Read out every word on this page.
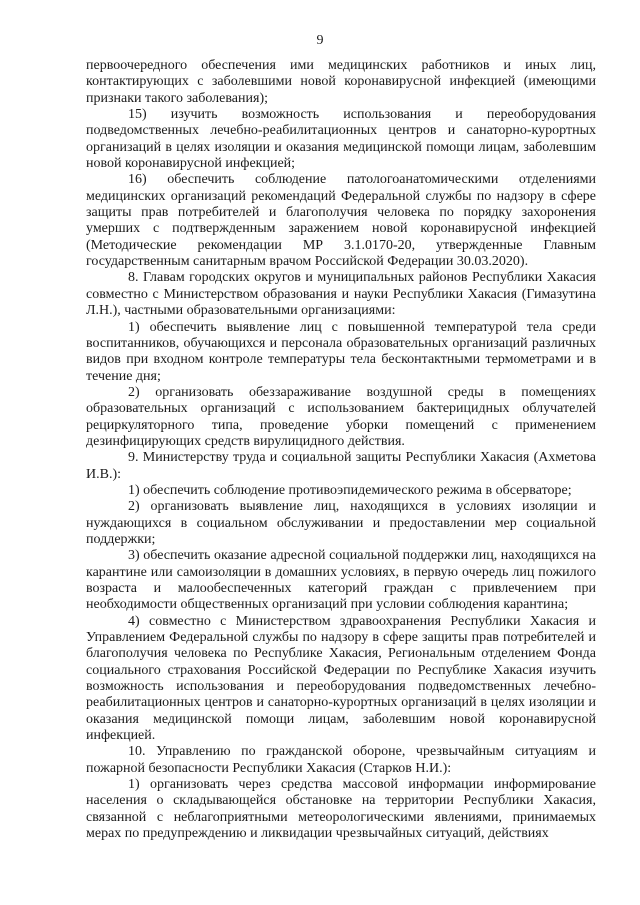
9

первоочередного обеспечения ими медицинских работников и иных лиц, контактирующих с заболевшими новой коронавирусной инфекцией (имеющими признаки такого заболевания);

15) изучить возможность использования и переоборудования подведомственных лечебно-реабилитационных центров и санаторно-курортных организаций в целях изоляции и оказания медицинской помощи лицам, заболевшим новой коронавирусной инфекцией;

16) обеспечить соблюдение патологоанатомическими отделениями медицинских организаций рекомендаций Федеральной службы по надзору в сфере защиты прав потребителей и благополучия человека по порядку захоронения умерших с подтвержденным заражением новой коронавирусной инфекцией (Методические рекомендации МР 3.1.0170-20, утвержденные Главным государственным санитарным врачом Российской Федерации 30.03.2020).

8. Главам городских округов и муниципальных районов Республики Хакасия совместно с Министерством образования и науки Республики Хакасия (Гимазутина Л.Н.), частными образовательными организациями:

1) обеспечить выявление лиц с повышенной температурой тела среди воспитанников, обучающихся и персонала образовательных организаций различных видов при входном контроле температуры тела бесконтактными термометрами и в течение дня;

2) организовать обеззараживание воздушной среды в помещениях образовательных организаций с использованием бактерицидных облучателей рециркуляторного типа, проведение уборки помещений с применением дезинфицирующих средств вирулицидного действия.

9. Министерству труда и социальной защиты Республики Хакасия (Ахметова И.В.):

1) обеспечить соблюдение противоэпидемического режима в обсерваторе;

2) организовать выявление лиц, находящихся в условиях изоляции и нуждающихся в социальном обслуживании и предоставлении мер социальной поддержки;

3) обеспечить оказание адресной социальной поддержки лиц, находящихся на карантине или самоизоляции в домашних условиях, в первую очередь лиц пожилого возраста и малообеспеченных категорий граждан с привлечением при необходимости общественных организаций при условии соблюдения карантина;

4) совместно с Министерством здравоохранения Республики Хакасия и Управлением Федеральной службы по надзору в сфере защиты прав потребителей и благополучия человека по Республике Хакасия, Региональным отделением Фонда социального страхования Российской Федерации по Республике Хакасия изучить возможность использования и переоборудования подведомственных лечебно-реабилитационных центров и санаторно-курортных организаций в целях изоляции и оказания медицинской помощи лицам, заболевшим новой коронавирусной инфекцией.

10. Управлению по гражданской обороне, чрезвычайным ситуациям и пожарной безопасности Республики Хакасия (Старков Н.И.):

1) организовать через средства массовой информации информирование населения о складывающейся обстановке на территории Республики Хакасия, связанной с неблагоприятными метеорологическими явлениями, принимаемых мерах по предупреждению и ликвидации чрезвычайных ситуаций, действиях
